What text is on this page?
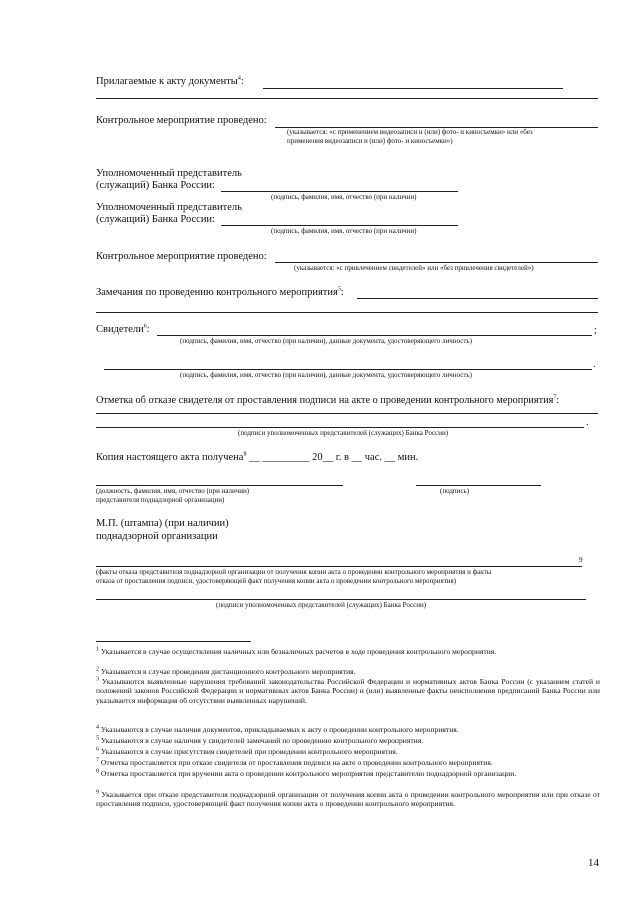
Прилагаемые к акту документы$^4$:
Контрольное мероприятие проведено:
(указывается: «с применением видеозаписи и (или) фото- и киносъемки» или «без
применения видеозаписи и (или) фото- и киносъемки»)
Уполномоченный представитель
(служащий) Банка России:
(подпись, фамилия, имя, отчество (при наличии)
Уполномоченный представитель
(служащий) Банка России:
(подпись, фамилия, имя, отчество (при наличии)
Контрольное мероприятие проведено:
(указывается: «с привлечением свидетелей» или «без привлечения свидетелей»)
Замечания по проведению контрольного мероприятия$^5$:
Свидетели$^6$:	;
(подпись, фамилия, имя, отчество (при наличии), данные документа, удостоверяющего личность)
.
(подпись, фамилия, имя, отчество (при наличии), данные документа, удостоверяющего личность)
Отметка об отказе свидетеля от проставления подписи на акте о проведении контрольного мероприятия$^7$:
.
(подписи уполномоченных представителей (служащих) Банка России)
Копия настоящего акта получена$^8$ __ _________ 20__ г. в __ час. __ мин.
(должность, фамилия, имя, отчество (при наличии)
представителя поднадзорной организации)
(подпись)
М.П. (штампа) (при наличии)
поднадзорной организации
9
(факты отказа представителя поднадзорной организации от получения копии акта о проведении контрольного мероприятия и факты
отказа от проставления подписи, удостоверяющей факт получения копии акта о проведении контрольного мероприятия)
(подписи уполномоченных представителей (служащих) Банка России)
$^1$ Указывается в случае осуществления наличных или безналичных расчетов в ходе проведения контрольного мероприятия.
$^2$ Указывается в случае проведения дистанционного контрольного мероприятия.
$^3$ Указываются выявленные нарушения требований законодательства Российской Федерации и нормативных актов Банка России (с указанием статей и положений законов Российской Федерации и нормативных актов Банка России) и (или) выявленные факты неисполнения предписаний Банка России или указывается информация об отсутствии выявленных нарушений.
$^4$ Указываются в случае наличия документов, прикладываемых к акту о проведении контрольного мероприятия.
$^5$ Указываются в случае наличия у свидетелей замечаний по проведению контрольного мероприятия.
$^6$ Указываются в случае присутствия свидетелей при проведении контрольного мероприятия.
$^7$ Отметка проставляется при отказе свидетеля от проставления подписи на акте о проведении контрольного мероприятия.
$^8$ Отметка проставляется при вручении акта о проведении контрольного мероприятия представителю поднадзорной организации.
$^9$ Указывается при отказе представителя поднадзорной организации от получения копии акта о проведении контрольного мероприятия или при отказе от проставления подписи, удостоверяющей факт получения копии акта о проведении контрольного мероприятия.
14
